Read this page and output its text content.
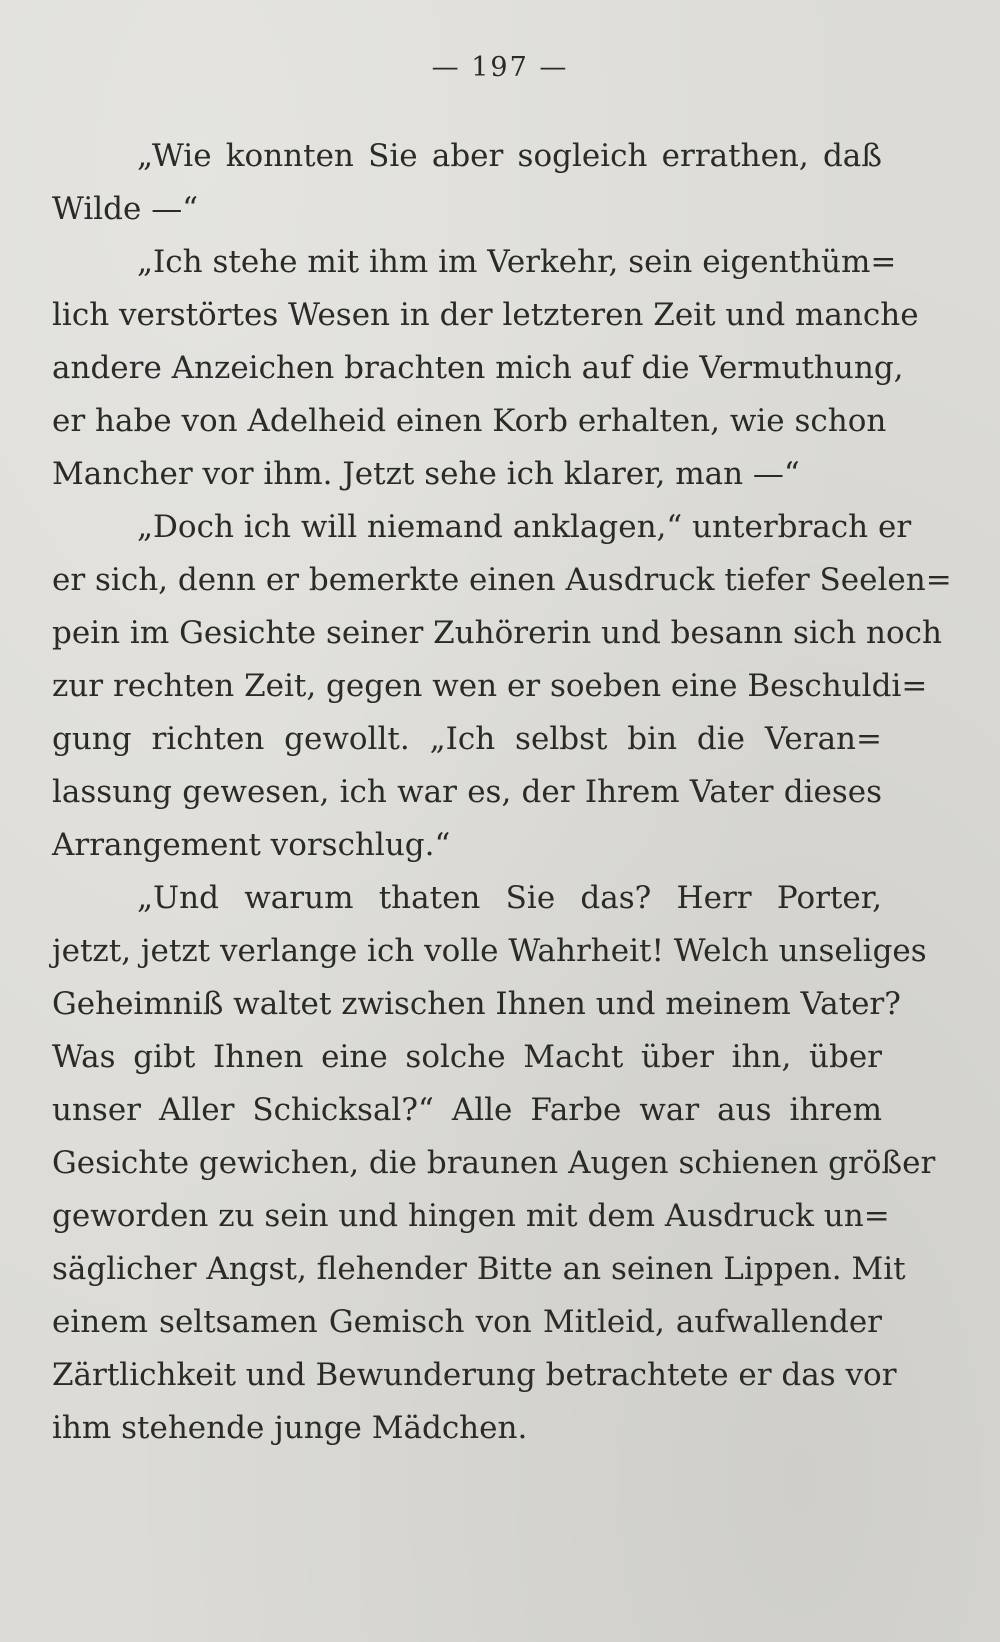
— 197 —
„Wie konnten Sie aber sogleich errathen, daß
Wilde —“
„Ich stehe mit ihm im Verkehr, sein eigenthüm=
lich verstörtes Wesen in der letzteren Zeit und manche
andere Anzeichen brachten mich auf die Vermuthung,
er habe von Adelheid einen Korb erhalten, wie schon
Mancher vor ihm. Jetzt sehe ich klarer, man —“
„Doch ich will niemand anklagen,“ unterbrach er
er sich, denn er bemerkte einen Ausdruck tiefer Seelen=
pein im Gesichte seiner Zuhörerin und besann sich noch
zur rechten Zeit, gegen wen er soeben eine Beschuldi=
gung richten gewollt. „Ich selbst bin die Veran=
lassung gewesen, ich war es, der Ihrem Vater dieses
Arrangement vorschlug.“
„Und warum thaten Sie das? Herr Porter,
jetzt, jetzt verlange ich volle Wahrheit! Welch unseliges
Geheimniß waltet zwischen Ihnen und meinem Vater?
Was gibt Ihnen eine solche Macht über ihn, über
unser Aller Schicksal?“ Alle Farbe war aus ihrem
Gesichte gewichen, die braunen Augen schienen größer
geworden zu sein und hingen mit dem Ausdruck un=
säglicher Angst, flehender Bitte an seinen Lippen. Mit
einem seltsamen Gemisch von Mitleid, aufwallender
Zärtlichkeit und Bewunderung betrachtete er das vor
ihm stehende junge Mädchen.
